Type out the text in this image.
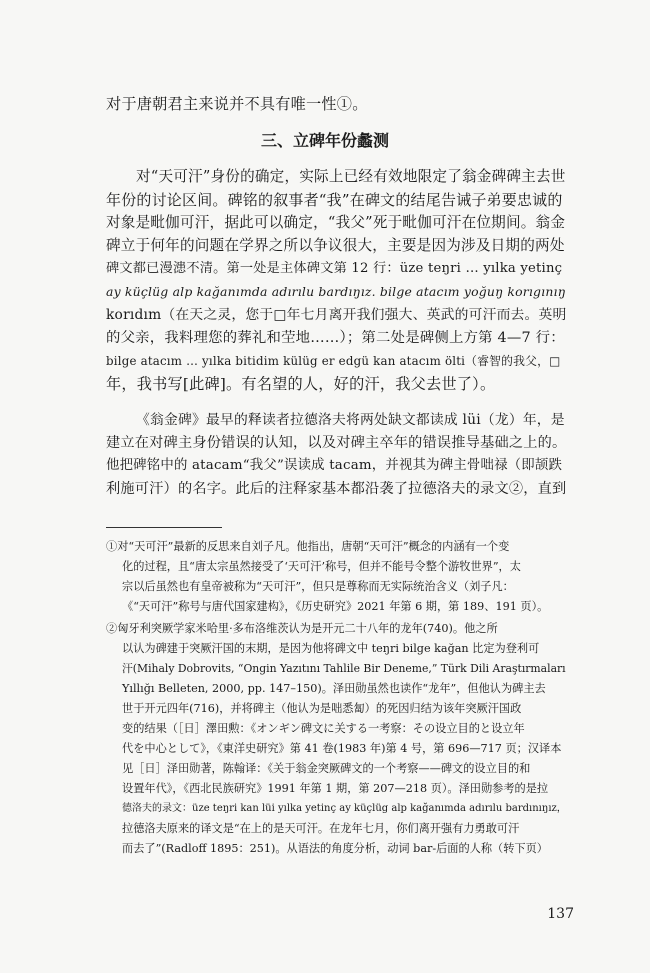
对于唐朝君主来说并不具有唯一性①。
三、立碑年份蠡测
对“天可汗”身份的确定，实际上已经有效地限定了翁金碑碑主去世
年份的讨论区间。碑铭的叙事者“我”在碑文的结尾告诫子弟要忠诚的
对象是毗伽可汗，据此可以确定，“我父”死于毗伽可汗在位期间。翁金
碑立于何年的问题在学界之所以争议很大，主要是因为涉及日期的两处
碑文都已漫漶不清。第一处是主体碑文第 12 行：üze teŋri … yılka yetinç
ay küçlüg alp kağanımda adırılu bardıŋız. bilge atacım yoğuŋ korıgınıŋ
korıdım（在天之灵，您于□年七月离开我们强大、英武的可汗而去。英明
的父亲，我料理您的葬礼和茔地……）；第二处是碑侧上方第 4—7 行：
bilge atacım … yılka bitidim külüg er edgü kan atacım ölti（睿智的我父，□
年，我书写[此碑]。有名望的人，好的汗，我父去世了）。
《翁金碑》最早的释读者拉德洛夫将两处缺文都读成 lüi（龙）年，是
建立在对碑主身份错误的认知，以及对碑主卒年的错误推导基础之上的。
他把碑铭中的 atacam“我父”误读成 tacam，并视其为碑主骨咄禄（即颉跌
利施可汗）的名字。此后的注释家基本都沿袭了拉德洛夫的录文②，直到
①对“天可汗”最新的反思来自刘子凡。他指出，唐朝“天可汗”概念的内涵有一个变
化的过程，且“唐太宗虽然接受了‘天可汗’称号，但并不能号令整个游牧世界”，太
宗以后虽然也有皇帝被称为“天可汗”，但只是尊称而无实际统治含义（刘子凡：
《“天可汗”称号与唐代国家建构》，《历史研究》2021 年第 6 期，第 189、191 页）。
②匈牙利突厥学家米哈里·多布洛维茨认为是开元二十八年的龙年(740)。他之所
以认为碑建于突厥汗国的末期，是因为他将碑文中 teŋri bilge kağan 比定为登利可
汗(Mihaly Dobrovits, “Ongin Yazıtını Tahlile Bir Deneme,” Türk Dili Araştırmaları
Yıllığı Belleten, 2000, pp. 147–150)。泽田勋虽然也读作“龙年”，但他认为碑主去
世于开元四年(716)，并将碑主（他认为是咄悉匐）的死因归结为该年突厥汗国政
变的结果（［日］澤田勲：《オンギン碑文に关する一考察：その设立目的と设立年
代を中心として》，《東洋史研究》第 41 卷(1983 年)第 4 号，第 696—717 页；汉译本
见［日］泽田勋著，陈翰译：《关于翁金突厥碑文的一个考察——碑文的设立目的和
设置年代》，《西北民族研究》1991 年第 1 期，第 207—218 页）。泽田勋参考的是拉
德洛夫的录文：üze teŋri kan lüi yılka yetinç ay küçlüg alp kağanımda adırılu bardınıŋız，
拉德洛夫原来的译文是“在上的是天可汗。在龙年七月，你们离开强有力勇敢可汗
而去了”(Radloff 1895：251)。从语法的角度分析，动词 bar-后面的人称（转下页）
137
